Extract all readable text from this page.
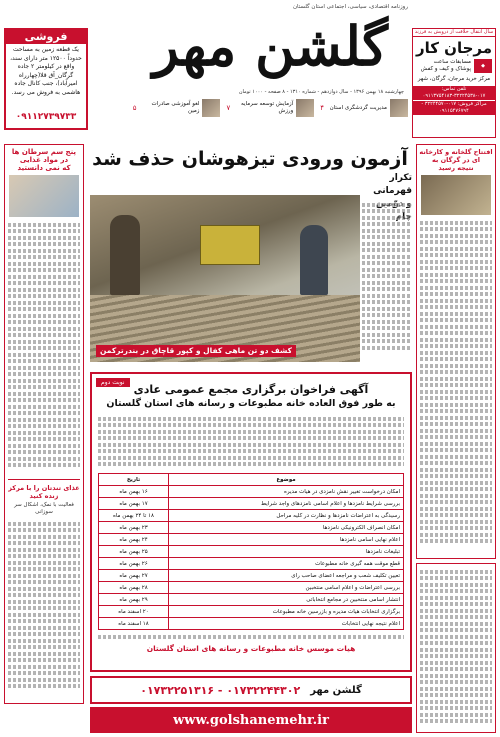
روزنامه اقتصادی، سیاسی، اجتماعی استان گلستان
گلشن مهر
چهارشنبه ۱۸ بهمن ۱۳۹۶ - سال دوازدهم - شماره ۱۳۱۰ - ۸ صفحه - ۱۰۰۰ تومان
مدیریت گردشگری استان
۴
آزمایش توسعه سرمایه ورزش
۷
لغو آموزشی صادرات زمین
۵
فروشی
یک قطعه زمین به مساحت حدوداً ۱۲۵۰۰ متر دارای سند، واقع در کیلومتر ۲ جاده گرگان_آق قلا(چهارراه امیرآباد)، جنب کانال جاده هاشمی به فروش می رسد.
۰۹۱۱۲۷۳۹۷۳۳
سال انتقال خلافت از درویش به فرزند
مرجان کار
◆
مسابقات ساعت
پوشاک و کیف و کفش
مرکز خرید مرجان، گرگان، شهر
تلفن تماس: ۰۱۷-۳۲۲۲۴۵۳۸-۰۹۱۱۳۷۵۴۱۸۳
مراکز فروش: ۰۱۷-۳۲۲۴۴۵۷۰ - ۰۹۱۱۵۴۷۶۷۹۴
پنج سم سرطان ها
در مواد غذایی
که نمی دانستید
غذای تندتان را با مرکز
زنده کنید
فعالیت با نمک، اشکال سر سوزانی
افتتاح گلخانه و کارخانه ای در گرگان به
نتیجه رسید
آزمون ورودی تیزهوشان حذف شد
کشف دو تن ماهی کفال و کپور قاچاق در بندرترکمن
تکرار قهرمانی

نوبت دوم
آگهی فراخوان برگزاری مجمع عمومی عادی
به طور فوق العاده خانه مطبوعات و رسانه های استان گلستان
موضوع	تاریخ
امکان درخواست تغییر نقش نامزدی در هیات مدیره	۱۶ بهمن ماه
بررسی شرایط نامزدها و اعلام اسامی نامزدهای واجد شرایط	۱۷ بهمن ماه
رسیدگی به اعتراضات نامزدها و نظارت در کلیه مراحل	۱۸ تا ۲۴ بهمن ماه
امکان انصراف الکترونیکی نامزدها	۲۳ بهمن ماه
اعلام نهایی اسامی نامزدها	۲۴ بهمن ماه
تبلیغات نامزدها	۲۵ بهمن ماه
قطع موقت همه گیری خانه مطبوعات	۲۶ بهمن ماه
تعیین تکلیف شعب و مراجعه اعضای صاحب رای	۲۷ بهمن ماه
بررسی اعتراضات و اعلام اسامی منتخبین	۲۸ بهمن ماه
انتشار اسامی منتخبین در مجامع انتخاباتی	۲۹ بهمن ماه
برگزاری انتخابات هیات مدیره و بازرسین خانه مطبوعات	۲۰ اسفند ماه
اعلام نتیجه نهایی انتخابات	۱۸ اسفند ماه
هیات موسس خانه مطبوعات و رسانه های استان گلستان
گلشن مهر
۰۱۷۳۲۲۵۱۳۱۶ - ۰۱۷۳۲۲۴۴۳۰۲
www.golshanemehr.ir
